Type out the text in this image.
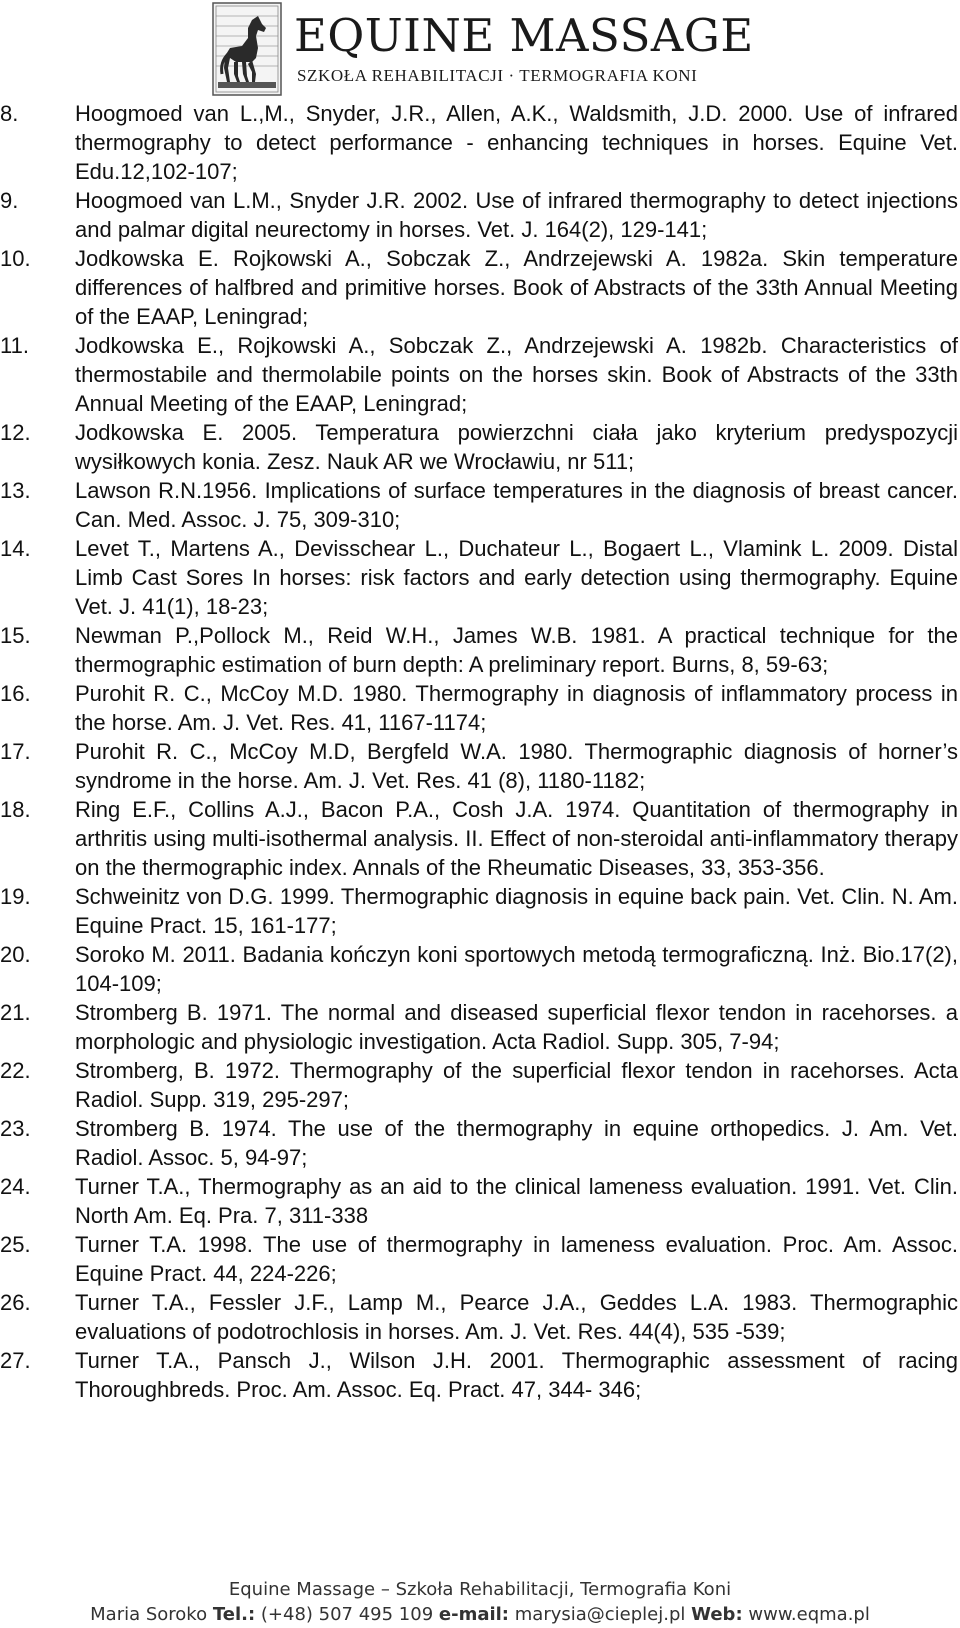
EQUINE MASSAGE
SZKOŁA REHABILITACJI · TERMOGRAFIA KONI
8.	Hoogmoed van L.,M., Snyder, J.R., Allen, A.K., Waldsmith, J.D. 2000. Use of infrared thermography to detect performance - enhancing techniques in horses. Equine Vet. Edu.12,102-107;
9.	Hoogmoed van L.M., Snyder J.R. 2002. Use of infrared thermography to detect injections and palmar digital neurectomy in horses. Vet. J. 164(2), 129-141;
10. Jodkowska E. Rojkowski A., Sobczak Z., Andrzejewski A. 1982a. Skin temperature differences of halfbred and primitive horses. Book of Abstracts of the 33th Annual Meeting of the EAAP, Leningrad;
11. Jodkowska E., Rojkowski A., Sobczak Z., Andrzejewski A. 1982b. Characteristics of thermostabile and thermolabile points on the horses skin. Book of Abstracts of the 33th Annual Meeting of the EAAP, Leningrad;
12. Jodkowska E. 2005. Temperatura powierzchni ciała jako kryterium predyspozycji wysiłkowych konia. Zesz. Nauk AR we Wrocławiu, nr 511;
13. Lawson R.N.1956. Implications of surface temperatures in the diagnosis of breast cancer. Can. Med. Assoc. J. 75, 309-310;
14. Levet T., Martens A., Devisschear L., Duchateur L., Bogaert L., Vlamink L. 2009. Distal Limb Cast Sores In horses: risk factors and early detection using thermography. Equine Vet. J. 41(1), 18-23;
15. Newman P.,Pollock M., Reid W.H., James W.B. 1981. A practical technique for the thermographic estimation of burn depth: A preliminary report. Burns, 8, 59-63;
16. Purohit R. C., McCoy M.D. 1980. Thermography in diagnosis of inflammatory process in the horse. Am. J. Vet. Res. 41, 1167-1174;
17. Purohit R. C., McCoy M.D, Bergfeld W.A. 1980. Thermographic diagnosis of horner’s syndrome in the horse. Am. J. Vet. Res. 41 (8), 1180-1182;
18. Ring E.F., Collins A.J., Bacon P.A., Cosh J.A. 1974. Quantitation of thermography in arthritis using multi-isothermal analysis. II. Effect of non-steroidal anti-inflammatory therapy on the thermographic index. Annals of the Rheumatic Diseases, 33, 353-356.
19. Schweinitz von D.G. 1999. Thermographic diagnosis in equine back pain. Vet. Clin. N. Am. Equine Pract. 15, 161-177;
20. Soroko M. 2011. Badania kończyn koni sportowych metodą termograficzną. Inż. Bio.17(2), 104-109;
21. Stromberg B. 1971. The normal and diseased superficial flexor tendon in racehorses. a morphologic and physiologic investigation. Acta Radiol. Supp. 305, 7-94;
22. Stromberg, B. 1972. Thermography of the superficial flexor tendon in racehorses. Acta Radiol. Supp. 319, 295-297;
23. Stromberg B. 1974. The use of the thermography in equine orthopedics. J. Am. Vet. Radiol. Assoc. 5, 94-97;
24. Turner T.A., Thermography as an aid to the clinical lameness evaluation. 1991. Vet. Clin. North Am. Eq. Pra. 7, 311-338
25. Turner T.A. 1998. The use of thermography in lameness evaluation. Proc. Am. Assoc. Equine Pract. 44, 224-226;
26. Turner T.A., Fessler J.F., Lamp M., Pearce J.A., Geddes L.A. 1983. Thermographic evaluations of podotrochlosis in horses. Am. J. Vet. Res. 44(4), 535 -539;
27. Turner T.A., Pansch J., Wilson J.H. 2001. Thermographic assessment of racing Thoroughbreds. Proc. Am. Assoc. Eq. Pract. 47, 344- 346;
Equine Massage – Szkoła Rehabilitacji, Termografia Koni
Maria Soroko Tel.: (+48) 507 495 109 e-mail: marysia@cieplej.pl Web: www.eqma.pl
